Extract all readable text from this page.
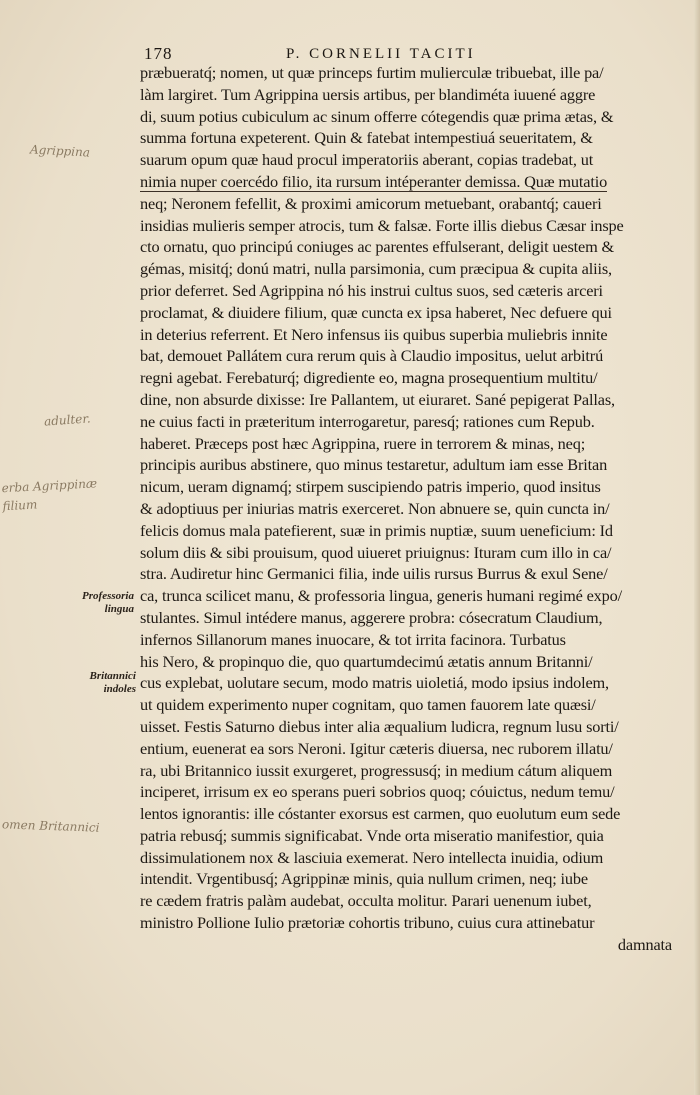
178	P. CORNELII TACITI
Agrippina
adulter.
erba Agrippinæ filium
omen Britannici
Professoria lingua
Britannici indoles
præbueratq́; nomen, ut quæ princeps furtim mulierculæ tribuebat, ille pa/
làm largiret. Tum Agrippina uersis artibus, per blandiméta iuuené aggre
di, suum potius cubiculum ac sinum offerre cótegendis quæ prima ætas, &
summa fortuna expeterent. Quin & fatebat intempestiuá seueritatem, &
suarum opum quæ haud procul imperatoriis aberant, copias tradebat, ut
nimia nuper coercédo filio, ita rursum intéperanter demissa. Quæ mutatio
neq; Neronem fefellit, & proximi amicorum metuebant, orabantq́; caueri
insidias mulieris semper atrocis, tum & falsæ. Forte illis diebus Cæsar inspe
cto ornatu, quo principú coniuges ac parentes effulserant, deligit uestem &
gémas, misitq́; donú matri, nulla parsimonia, cum præcipua & cupita aliis,
prior deferret. Sed Agrippina nó his instrui cultus suos, sed cæteris arceri
proclamat, & diuidere filium, quæ cuncta ex ipsa haberet, Nec defuere qui
in deterius referrent. Et Nero infensus iis quibus superbia muliebris innite
bat, demouet Pallátem cura rerum quis à Claudio impositus, uelut arbitrú
regni agebat. Ferebaturq́; digrediente eo, magna prosequentium multitu/
dine, non absurde dixisse: Ire Pallantem, ut eiuraret. Sané pepigerat Pallas,
ne cuius facti in præteritum interrogaretur, paresq́; rationes cum Repub.
haberet. Præceps post hæc Agrippina, ruere in terrorem & minas, neq;
principis auribus abstinere, quo minus testaretur, adultum iam esse Britan
nicum, ueram dignamq́; stirpem suscipiendo patris imperio, quod insitus
& adoptiuus per iniurias matris exerceret. Non abnuere se, quin cuncta in/
felicis domus mala patefierent, suæ in primis nuptiæ, suum ueneficium: Id
solum diis & sibi prouisum, quod uiueret priuignus: Ituram cum illo in ca/
stra. Audiretur hinc Germanici filia, inde uilis rursus Burrus & exul Sene/
ca, trunca scilicet manu, & professoria lingua, generis humani regimé expo/
stulantes. Simul intédere manus, aggerere probra: cósecratum Claudium,
infernos Sillanorum manes inuocare, & tot irrita facinora. Turbatus
his Nero, & propinquo die, quo quartumdecimú ætatis annum Britanni/
cus explebat, uolutare secum, modo matris uioletiá, modo ipsius indolem,
ut quidem experimento nuper cognitam, quo tamen fauorem late quæsi/
uisset. Festis Saturno diebus inter alia æqualium ludicra, regnum lusu sorti/
entium, euenerat ea sors Neroni. Igitur cæteris diuersa, nec ruborem illatu/
ra, ubi Britannico iussit exurgeret, progressusq́; in medium cátum aliquem
inciperet, irrisum ex eo sperans pueri sobrios quoq; cóuictus, nedum temu/
lentos ignorantis: ille cóstanter exorsus est carmen, quo euolutum eum sede
patria rebusq́; summis significabat. Vnde orta miseratio manifestior, quia
dissimulationem nox & lasciuia exemerat. Nero intellecta inuidia, odium
intendit. Vrgentibusq́; Agrippinæ minis, quia nullum crimen, neq; iube
re cædem fratris palàm audebat, occulta molitur. Parari uenenum iubet,
ministro Pollione Iulio prætoriæ cohortis tribuno, cuius cura attinebatur
damnata
